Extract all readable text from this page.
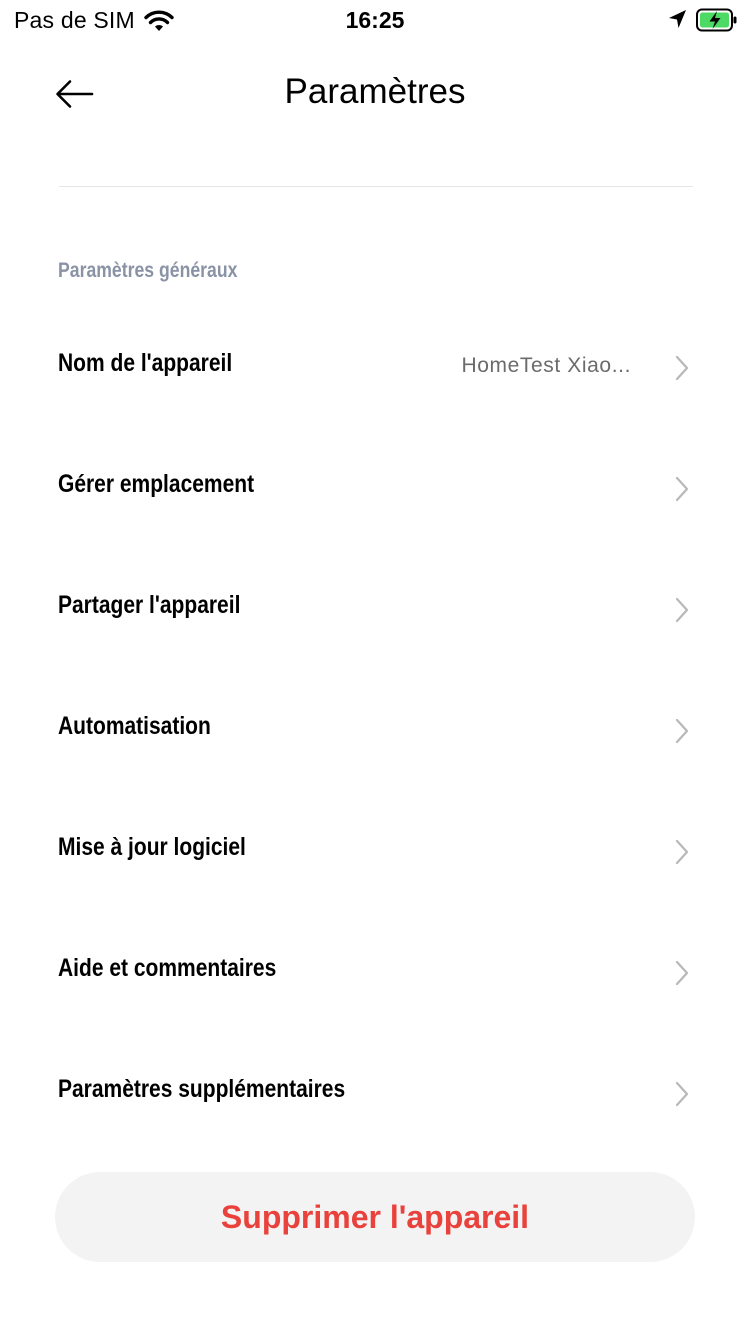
Pas de SIM	16:25
Paramètres
Paramètres généraux
Nom de l'appareil	HomeTest Xiao...
Gérer emplacement
Partager l'appareil
Automatisation
Mise à jour logiciel
Aide et commentaires
Paramètres supplémentaires
Supprimer l'appareil
